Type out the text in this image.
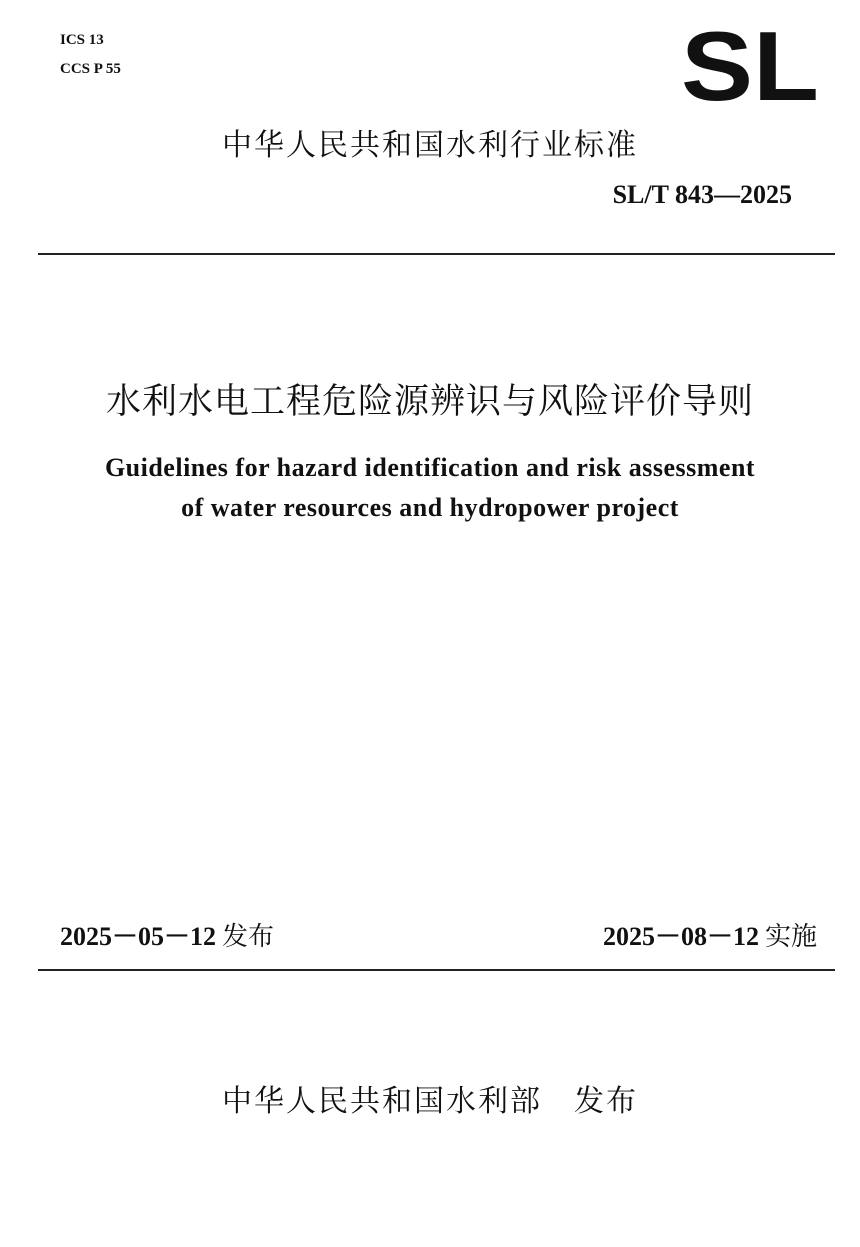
ICS 13
CCS P 55	SL
中华人民共和国水利行业标准
SL/T 843—2025
水利水电工程危险源辨识与风险评价导则
Guidelines for hazard identification and risk assessment
of water resources and hydropower project
2025－05－12 发布	2025－08－12 实施
中华人民共和国水利部　发布
